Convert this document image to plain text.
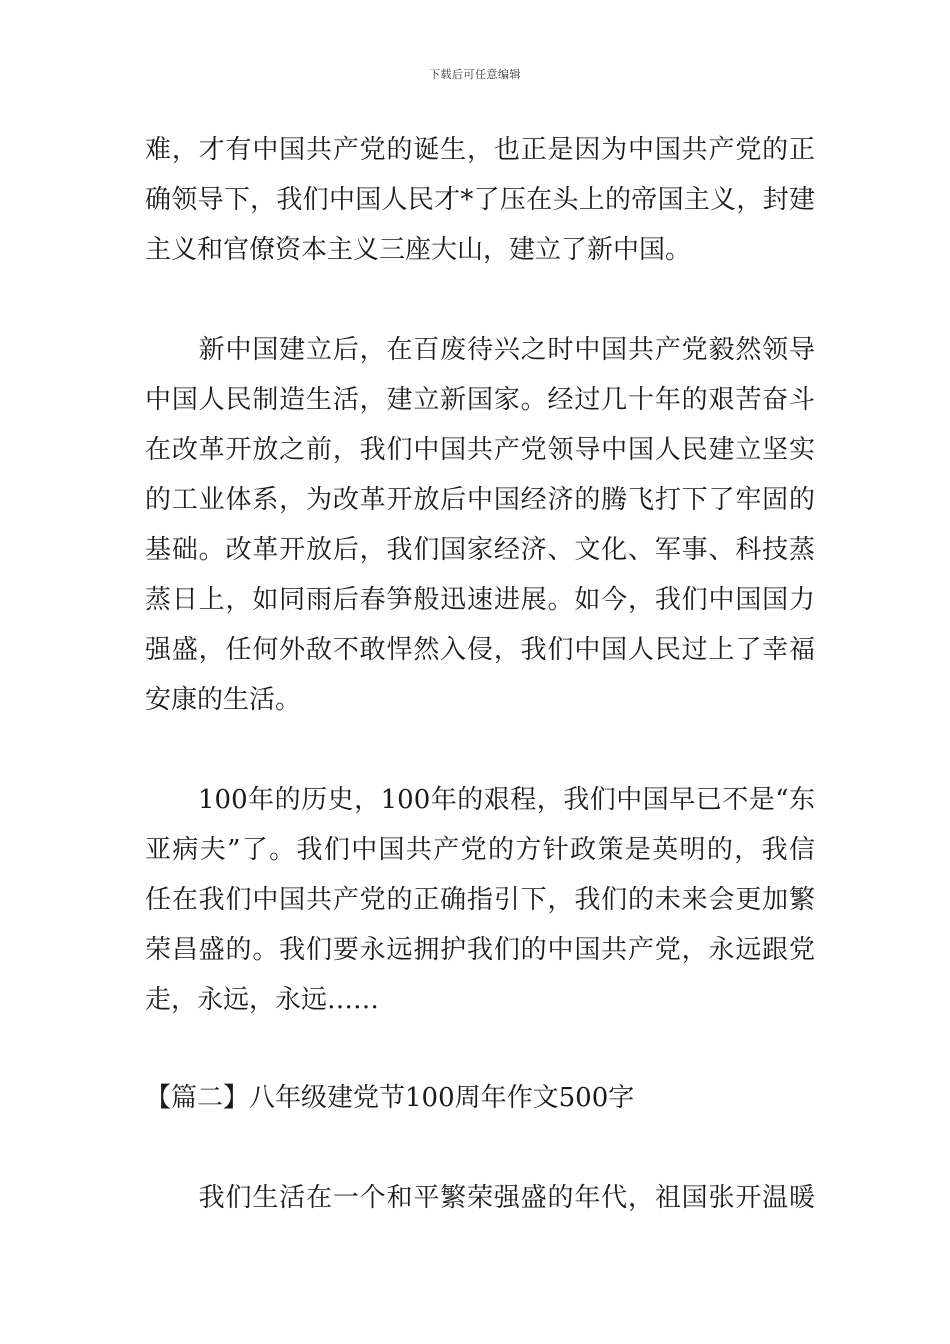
下载后可任意编辑
难，才有中国共产党的诞生，也正是因为中国共产党的正
确领导下，我们中国人民才*了压在头上的帝国主义，封建
主义和官僚资本主义三座大山，建立了新中国。
　　新中国建立后，在百废待兴之时中国共产党毅然领导
中国人民制造生活，建立新国家。经过几十年的艰苦奋斗
在改革开放之前，我们中国共产党领导中国人民建立坚实
的工业体系，为改革开放后中国经济的腾飞打下了牢固的
基础。改革开放后，我们国家经济、文化、军事、科技蒸
蒸日上，如同雨后春笋般迅速进展。如今，我们中国国力
强盛，任何外敌不敢悍然入侵，我们中国人民过上了幸福
安康的生活。
　　100年的历史，100年的艰程，我们中国早已不是“东
亚病夫”了。我们中国共产党的方针政策是英明的，我信
任在我们中国共产党的正确指引下，我们的未来会更加繁
荣昌盛的。我们要永远拥护我们的中国共产党，永远跟党
走，永远，永远……
【篇二】八年级建党节100周年作文500字
　　我们生活在一个和平繁荣强盛的年代，祖国张开温暖
